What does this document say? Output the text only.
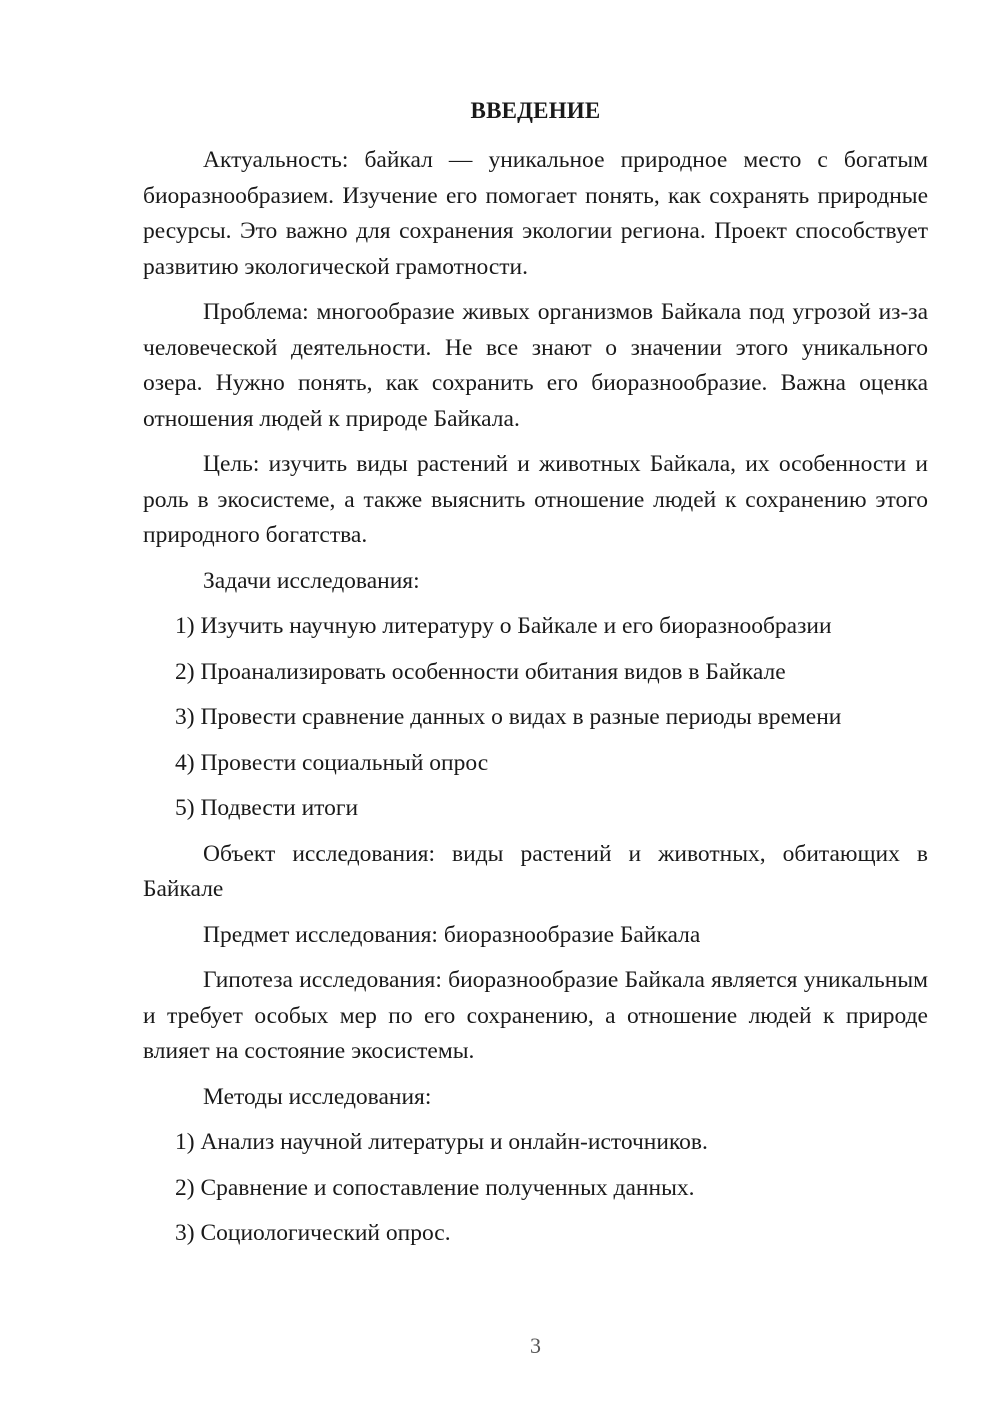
ВВЕДЕНИЕ

Актуальность: байкал — уникальное природное место с богатым биоразнообразием. Изучение его помогает понять, как сохранять природные ресурсы. Это важно для сохранения экологии региона. Проект способствует развитию экологической грамотности.

Проблема: многообразие живых организмов Байкала под угрозой из-за человеческой деятельности. Не все знают о значении этого уникального озера. Нужно понять, как сохранить его биоразнообразие. Важна оценка отношения людей к природе Байкала.

Цель: изучить виды растений и животных Байкала, их особенности и роль в экосистеме, а также выяснить отношение людей к сохранению этого природного богатства.

Задачи исследования:

1) Изучить научную литературу о Байкале и его биоразнообразии

2) Проанализировать особенности обитания видов в Байкале

3) Провести сравнение данных о видах в разные периоды времени

4) Провести социальный опрос

5) Подвести итоги

Объект исследования: виды растений и животных, обитающих в Байкале

Предмет исследования: биоразнообразие Байкала

Гипотеза исследования: биоразнообразие Байкала является уникальным и требует особых мер по его сохранению, а отношение людей к природе влияет на состояние экосистемы.

Методы исследования:

1) Анализ научной литературы и онлайн-источников.

2) Сравнение и сопоставление полученных данных.

3) Социологический опрос.

3
